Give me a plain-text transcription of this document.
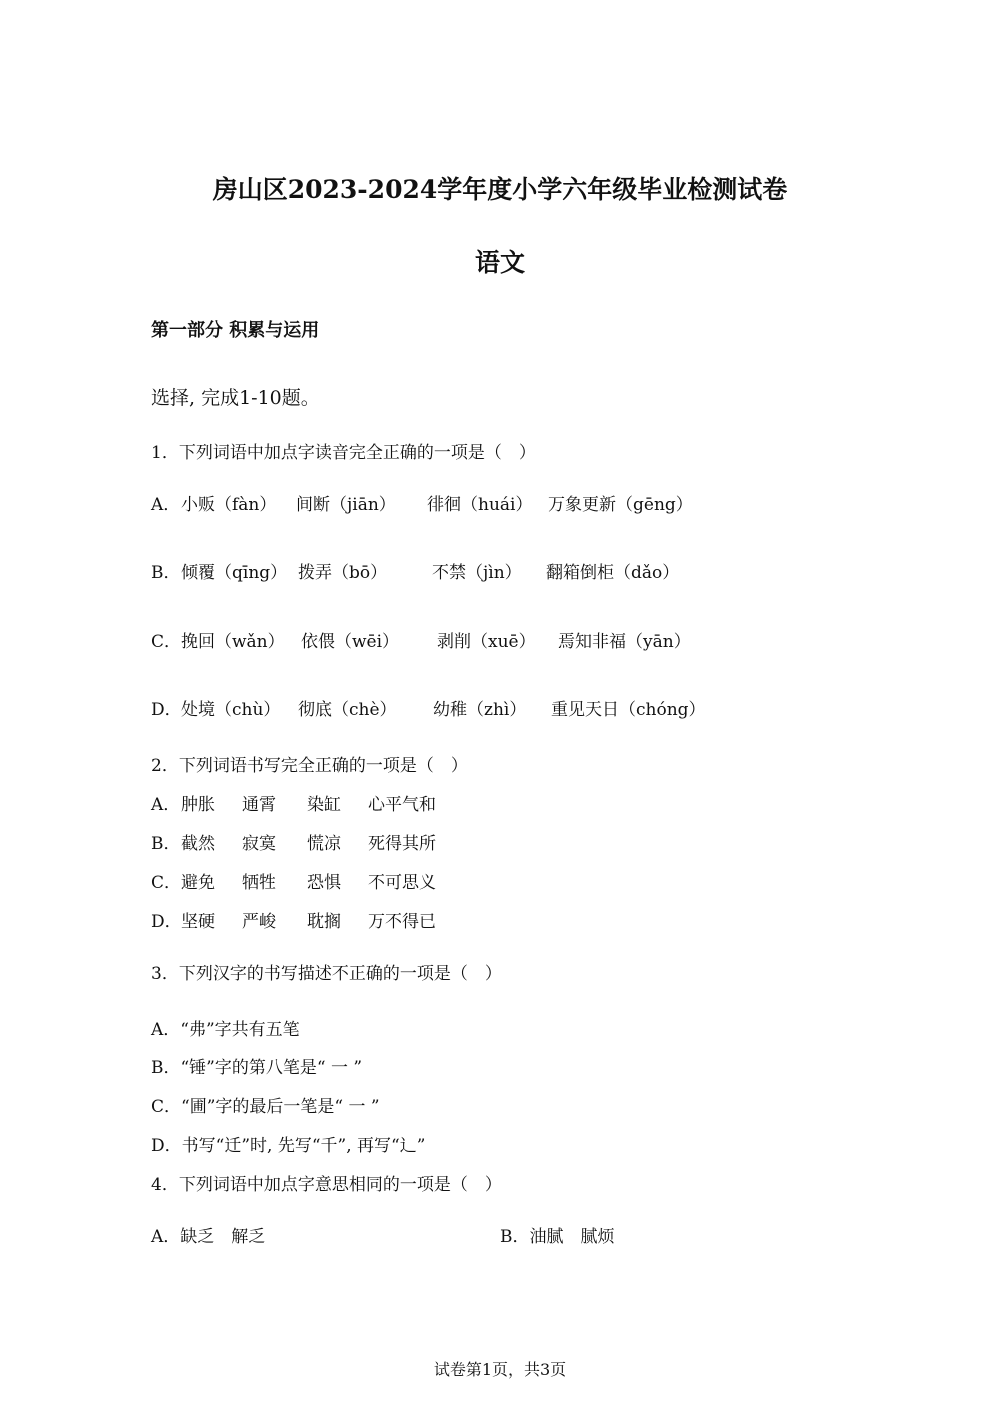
房山区2023-2024学年度小学六年级毕业检测试卷
语文
第一部分 积累与运用
选择, 完成1-10题。
1．下列词语中加点字读音完全正确的一项是（　）
A． 小贩（fàn） 间断（jiān） 徘徊（huái） 万象更新（gēng）
B． 倾覆（qīng） 拨弄（bō）	不禁（jìn） 翻箱倒柜（dǎo）
C． 挽回（wǎn） 依偎（wēi） 剥削（xuē） 焉知非福（yān）
D． 处境（chù） 彻底（chè） 幼稚（zhì） 重见天日（chóng）
2．下列词语书写完全正确的一项是（　）
A． 肿胀 通霄 染缸 心平气和
B． 截然 寂寞 慌凉 死得其所
C． 避免 牺牲 恐惧 不可思义
D． 坚硬 严峻 耽搁 万不得已
3．下列汉字的书写描述不正确的一项是（　）
A．“弗”字共有五笔
B．“锤”字的第八笔是“ 一 ”
C．“圃”字的最后一笔是“ 一 ”
D．书写“迁”时, 先写“千”, 再写“辶”
4．下列词语中加点字意思相同的一项是（　）
A．缺乏　解乏	B．油腻　腻烦
试卷第1页，共3页
